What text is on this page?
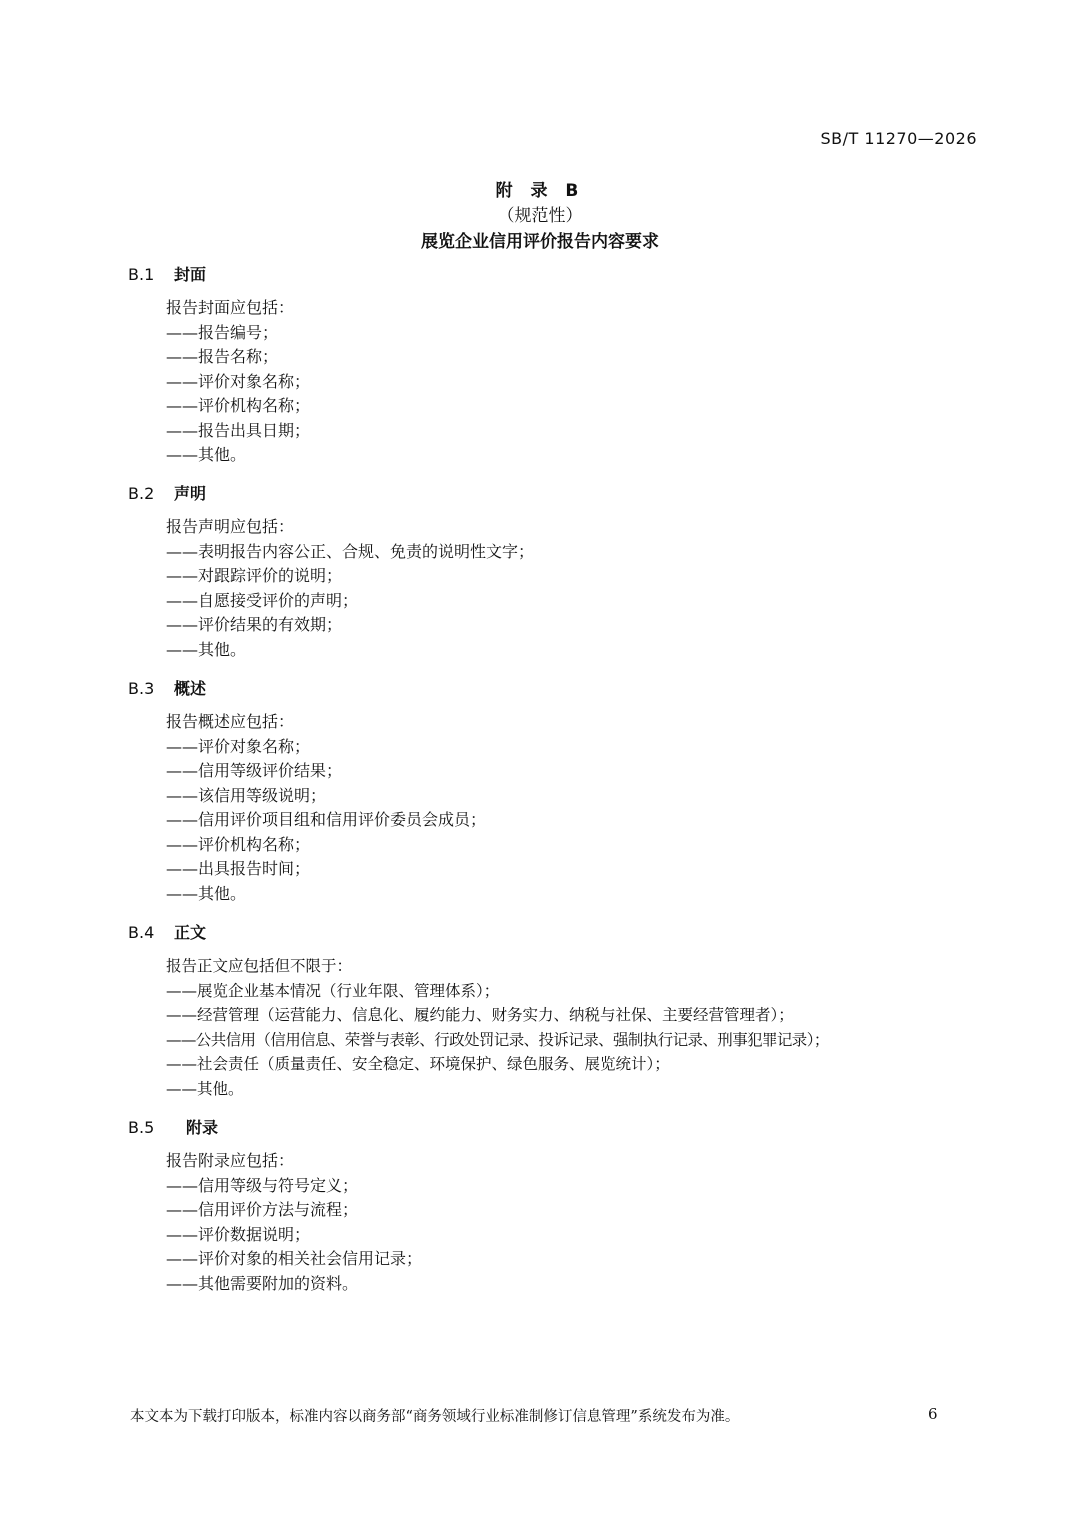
SB/T 11270—2026
附 录 B
（规范性）
展览企业信用评价报告内容要求
B.1 封面
报告封面应包括：
——报告编号；
——报告名称；
——评价对象名称；
——评价机构名称；
——报告出具日期；
——其他。
B.2 声明
报告声明应包括：
——表明报告内容公正、合规、免责的说明性文字；
——对跟踪评价的说明；
——自愿接受评价的声明；
——评价结果的有效期；
——其他。
B.3 概述
报告概述应包括：
——评价对象名称；
——信用等级评价结果；
——该信用等级说明；
——信用评价项目组和信用评价委员会成员；
——评价机构名称；
——出具报告时间；
——其他。
B.4 正文
报告正文应包括但不限于：
——展览企业基本情况（行业年限、管理体系）；
——经营管理（运营能力、信息化、履约能力、财务实力、纳税与社保、主要经营管理者）；
——公共信用（信用信息、荣誉与表彰、行政处罚记录、投诉记录、强制执行记录、刑事犯罪记录）；
——社会责任（质量责任、安全稳定、环境保护、绿色服务、展览统计）；
——其他。
B.5 附录
报告附录应包括：
——信用等级与符号定义；
——信用评价方法与流程；
——评价数据说明；
——评价对象的相关社会信用记录；
——其他需要附加的资料。
本文本为下载打印版本，标准内容以商务部“商务领域行业标准制修订信息管理”系统发布为准。	6
